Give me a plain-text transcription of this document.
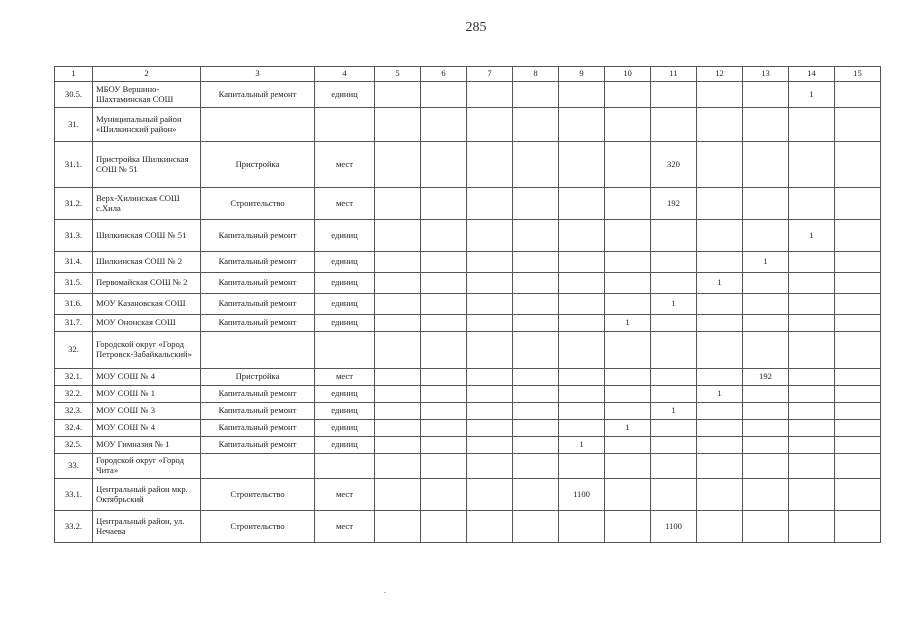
285
1	2	3	4	5	6	7	8	9	10	11	12	13	14	15
30.5.	МБОУ Вершино-Шахтаминская СОШ	Капитальный ремонт	единиц										1	
31.	Муниципальный район «Шилкинский район»													
31.1.	Пристройка Шилкинская СОШ № 51	Пристройка	мест							320				
31.2.	Верх-Хилинская СОШ с.Хила	Строительство	мест							192				
31.3.	Шилкинская СОШ № 51	Капитальный ремонт	единиц										1	
31.4.	Шилкинская СОШ № 2	Капитальный ремонт	единиц									1		
31.5.	Первомайская СОШ № 2	Капитальный ремонт	единиц								1			
31.6.	МОУ Казановская СОШ	Капитальный ремонт	единиц							1				
31.7.	МОУ Ононская СОШ	Капитальный ремонт	единиц						1					
32.	Городской округ «Город Петровск-Забайкальский»													
32.1.	МОУ СОШ № 4	Пристройка	мест									192		
32.2.	МОУ СОШ № 1	Капитальный ремонт	единиц								1			
32.3.	МОУ СОШ № 3	Капитальный ремонт	единиц							1				
32.4.	МОУ СОШ № 4	Капитальный ремонт	единиц						1					
32.5.	МОУ Гимназия № 1	Капитальный ремонт	единиц					1						
33.	Городской округ «Город Чита»													
33.1.	Центральный район мкр. Октябрьский	Строительство	мест					1100						
33.2.	Центральный район, ул. Нечаева	Строительство	мест							1100				
